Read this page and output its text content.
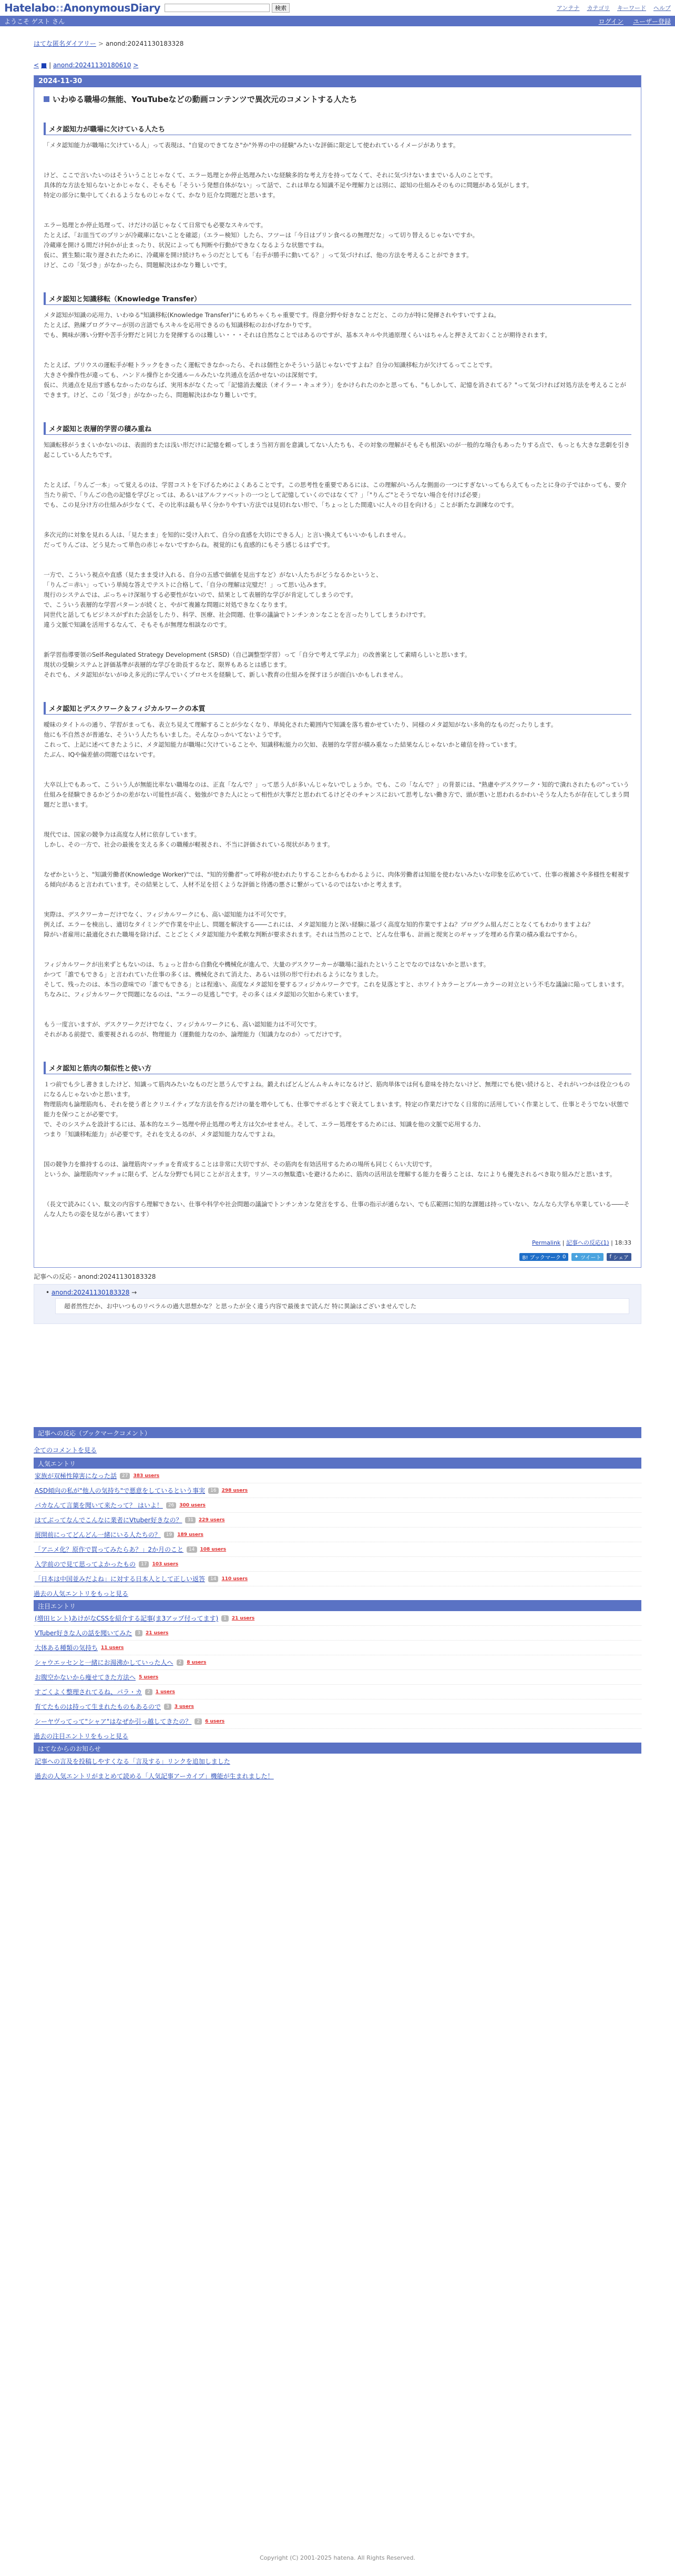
Hatelabo::AnonymousDiary	検索	アンテナ カテゴリ キーワード ヘルプ
ようこそ ゲスト さん	ログイン ユーザー登録
はてな匿名ダイアリー > anond:20241130183328
< ■ | anond:20241130180610 >
2024-11-30
いわゆる職場の無能、YouTubeなどの動画コンテンツで異次元のコメントする人たち
メタ認知力が職場に欠けている人たち

「メタ認知能力が職場に欠けている人」って表現は、"自覚のできてなさ"か"外界の中の経験"みたいな評価に限定して使われているイメージがあります。

けど、ここで言いたいのはそういうことじゃなくて、エラー処理とか停止処理みたいな経験多的な考え方を持ってなくて、それに気づけないままでいる人のことです。

具体的な方法を知らないとかじゃなく、そもそも「そういう発想自体がない」って話で、これは単なる知識不足や理解力とは別に、認知の仕組みそのものに問題がある気がします。

特定の部分に集中してくれるようなものじゃなくて、かなり厄介な問題だと思います。

エラー処理とか停止処理って、けだけの話じゃなくて日常でも必要なスキルです。

たとえば、「お皿当てのプリンが冷蔵庫にないことを確認」（エラー検知）したら、フツーは「今日はプリン食べるの無理だな」って切り替えるじゃないですか。

冷蔵庫を開ける間だけ何かが止まったり、状況によっても判断や行動ができなくなるような状態ですね。

仮に、賞生類に取り遅されたために、冷蔵庫を開け続けちゃうのだとしても「右手が勝手に動いてる？」って気づければ、他の方法を考えることができます。

けど、この「気づき」がなかったら、問題解決はかなり難しいです。

メタ認知と知識移転（Knowledge Transfer）

メタ認知が知識の応用力、いわゆる"知識移転(Knowledge Transfer)"にもめちゃくちゃ重要です。得意分野や好きなことだと、この力が特に発揮されやすいですよね。

たとえば、熟練プログラマーが別の言語でもスキルを応用できるのも知識移転のおかげなかりです。

でも、興味が薄い分野や苦手分野だと同じ力を発揮するのは難しい・・・それは自然なことではあるのですが、基本スキルや共通原理くらいはちゃんと押さえておくことが期待されます。

たとえば、プリウスの運転手が軽トラックをきったく運転できなかったら、それは個性とかそういう話じゃないですよね？自分の知識移転力が欠けてるってことです。

大きさや操作性が違っても、ハンドル操作とか交通ルールみたいな共通点を活かせないのは深刻です。

仮に、共通点を見出す感もなかったのならば、実用本がなくたって「記憶消去魔法（オイラー・キュオラ）」をかけられたのかと思っても、"もしかして、記憶を消されてる？"って気づければ対処方法を考えることができます。けど、この「気づき」がなかったら、問題解決はかなり難しいです。

メタ認知と表層的学習の積み重ね

知識転移がうまくいかないのは、表面的または浅い形だけに記憶を頼ってしまう当初方面を意識してない人たちも、その対象の理解がそもそも根深いのが一般的な場合もあったりする点で、もっとも大きな悲劇を引き起こしている人たちです。

たとえば、「りんご一本」って覚えるのは、学習コストを下げるためによくあることです。この思考性を重要であるには、この理解がいろんな側面の一つにすぎないってもらえてもったとに身の子ではかっても、要介当たり前で、「りんごの色の記憶を学びとっては、あるいはアルファベットの一つとして記憶していくのではなくて？」「"りんご"とそうでない場合を付けば必要」

でも、この見分け方の仕組みが少なくて、その比率は最も早く分かりやすい方法では見切れない形で、「ちょっとした間違いに人々の目を向ける」ことが新たな訓練なのです。

多次元的に対象を見れる人は、「見たまま」を知的に受け入れて、自分の直感を大切にできる人」と言い換えてもいいかもしれません。

だってりんごは、どう見たって単色の赤じゃないですからね。視覚的にも直感的にもそう感じるはずです。

一方で、こういう視点や直感（見たまま受け入れる、自分の五感で価値を見出すなど）がない人たちがどうなるかというと、

「りんご＝赤い」っていう単純な答えでテストに合格して、「自分の理解は完璧だ！」って思い込みます。

現行のシステムでは、ぶっちゃけ深堀りする必要性がないので、結果として表層的な学びが肯定してしまうのです。

で、こういう表層的な学習パターンが続くと、やがて複雑な問題に対処できなくなります。

同世代と話してもビジネスがずれた会話をしたり、科学、医療、社会問題、仕事の議論でトンチンカンなことを言ったりしてしまうわけです。

違う文脈で知識を活用するなんて、そもそもが無理な相談なのです。

新学習指導要領のSelf-Regulated Strategy Development (SRSD)（自己調整型学習）って「自分で考えて学ぶ力」の改善案として素晴らしいと思います。

現状の受験システムと評価基準が表層的な学びを助長するなど、限界もあるとは感じます。

それでも、メタ認知がないがゆえ多元的に学んでいくプロセスを経験して、新しい教育の仕組みを探すほうが面白いかもしれません。

メタ認知とデスクワーク＆フィジカルワークの本質

曖昧のタイトルの通り、学習がまっても、表立ち見えて理解することが少なくなり、単純化された範囲内で知識を落ち着かせていたり、同様のメタ認知がない多角的なものだったりします。

他にも不自然さが普通な、そういう人たちもいました。そんなひっかいてないようです。

これって、上記に述べてきたように、メタ認知能力が職場に欠けていることや、知識移転能力の欠如、表層的な学習が積み重なった結果なんじゃないかと確信を持っています。

たぶん、IQや偏差値の問題ではないです。

大卒以上でもあって、こういう人が無能比率ない職場なのは、正直「なんで？」って思う人が多いんじゃないでしょうか。でも、この「なんで？」の背景には、"熟慮やデスクワーク・知的で潰れされたもの"っていう仕組みを経験できるかどうかの差がない可能性が高く、勉強ができた人にとって相性が大事だと思われてるけどそのチャンスにおいて思考しない働き方で、頭が悪いと思われるかわいそうな人たちが存在してしまう問題だと思います。

現代では、国家の競争力は高度な人材に依存しています。

しかし、その一方で、社会の最後を支える多くの職種が軽視され、不当に評価されている現状があります。

なぜかというと、"知識労働者(Knowledge Worker)"では、"知的労働者"って呼称が使われたりすることからもわかるように、肉体労働者は知能を使わないみたいな印象を広めていて、仕事の複雑さや多様性を軽視する傾向があると言われています。その結果として、人材不足を招くような評価と待遇の悪さに繋がっているのではないかと考えます。

実際は、デスクワーカーだけでなく、フィジカルワークにも、高い認知能力は不可欠です。

例えば、エラーを検出し、適切なタイミングで作業を中止し、問題を解決する――これには、メタ認知能力と深い経験に基づく高度な知的作業ですよね？プログラム組んだことなくてもわかりますよね？

障がい者雇用に最適化された職場を除けば、ことごとくメタ認知能力や柔軟な判断が要求されます。それは当然のことで、どんな仕事も、計画と現実とのギャップを埋める作業の積み重ねですから。

フィジカルワークが出来ずともないのは、ちょっと昔から自動化や機械化が進んで、大量のデスクワーカーが職場に溢れたということでなのではないかと思います。

かつて「誰でもできる」と言われていた仕事の多くは、機械化されて消えた、あるいは別の形で行われるようになりました。

そして、残ったのは、本当の意味での「誰でもできる」とは程遠い、高度なメタ認知を要するフィジカルワークです。これを見落とすと、ホワイトカラーとブルーカラーの対立という不毛な議論に陥ってしまいます。

ちなみに、フィジカルワークで問題になるのは、"エラーの見逃し"です。その多くはメタ認知の欠如から来ています。

もう一度言いますが、デスクワークだけでなく、フィジカルワークにも、高い認知能力は不可欠です。

それがある前提で、重要視されるのが、物理能力（運動能力なのか、論理能力（知識力なのか）ってだけです。

メタ認知と筋肉の類似性と使い方

１つ前でも少し書きましたけど、知識って筋肉みたいなものだと思うんですよね。鍛えればどんどんムキムキになるけど、筋肉単体では何も意味を持たないけど、無理にでも使い続けると、それがいつかは役立つものになるんじゃないかと思います。

物理筋肉も論理筋肉も、それを使う者とクリエイティブな方法を作るだけの量を増やしても、仕事でサボるとすぐ衰えてしまいます。特定の作業だけでなく日常的に活用していく作業として、仕事とそうでない状態で能力を保つことが必要です。

で、そのシステムを設計するには、基本的なエラー処理や停止処理の考え方は欠かせません。そして、エラー処理をするためには、知識を他の文脈で応用する力、

つまり「知識移転能力」が必要です。それを支えるのが、メタ認知能力なんですよね。

国の競争力を維持するのは、論理筋肉マッチョを育成することは非常に大切ですが、その筋肉を有効活用するための場所も同じくらい大切です。

というか、論理筋肉マッチョに限らず、どんな分野でも同じことが言えます。リソースの無駄遣いを避けるために、筋肉の活用法を理解する能力を養うことは、なによりも優先されるべき取り組みだと思います。

（長文で読みにくい、駄文の内容すら理解できない、仕事や科学や社会問題の議論でトンチンカンな発言をする、仕事の指示が通らない、でも広範囲に知的な課題は持っていない、なんなら大学も卒業している――そんな人たちの姿を見ながら書いてます）

Permalink | 記事への反応(1) | 18:33
B! ブックマーク
0 ✦
ツイート f
シェア
記事への反応 - anond:20241130183328
• anond:20241130183328 →
超者然性だか、お中いつものリベラルの過大思想かな？と思ったが全く違う内容で最後まで読んだ 特に異論はございませんでした
記事への反応（ブックマークコメント）
全てのコメントを見る
人気エントリ
家族が双極性障害になった話	27	383 users
ASD傾向の私が"他人の気持ち"で悪意をしているという事実	16	298 users
パカなんて言葉を聞いて来たって？ はいよ！	26	300 users
はてぶってなんでこんなに業者にVtuber好きなの？	31	229 users
展開前にってどんどん一緒にいる人たちの？	19	189 users
「アニメ化？原作で買ってみたらあ？」2か月のこと	14	108 users
入学前ので見て思ってよかったもの	17	103 users
「日本は中国並みだよね」に対する日本人として正しい返答	14	110 users
過去の人気エントリをもっと見る
注目エントリ
(増田ヒント)あけがなCSSを紹介する記事(ま3アップ付ってます)	1	21 users
VTuber好きな人の話を聞いてみた	3	21 users
大体ある種類の気持ち 11 users
シャウエッセンと一緒にお湯沸かしていった人へ	2	8 users
お腹空かないから痩せてきた方法へ 5 users
すごくよく整理されてるね、パラ・カ	2	1 users
育てたものは持って生まれたものもあるので	3	3 users
シーヤヴってって"シャア"はなぜか引っ越してきたの？	2	6 users
過去の注目エントリをもっと見る
はてなからのお知らせ
記事への言及を投稿しやすくなる「言及する」リンクを追加しました
過去の人気エントリがまとめて読める「人気記事アーカイブ」機能が生まれました！
Copyright (C) 2001-2025 hatena. All Rights Reserved.
